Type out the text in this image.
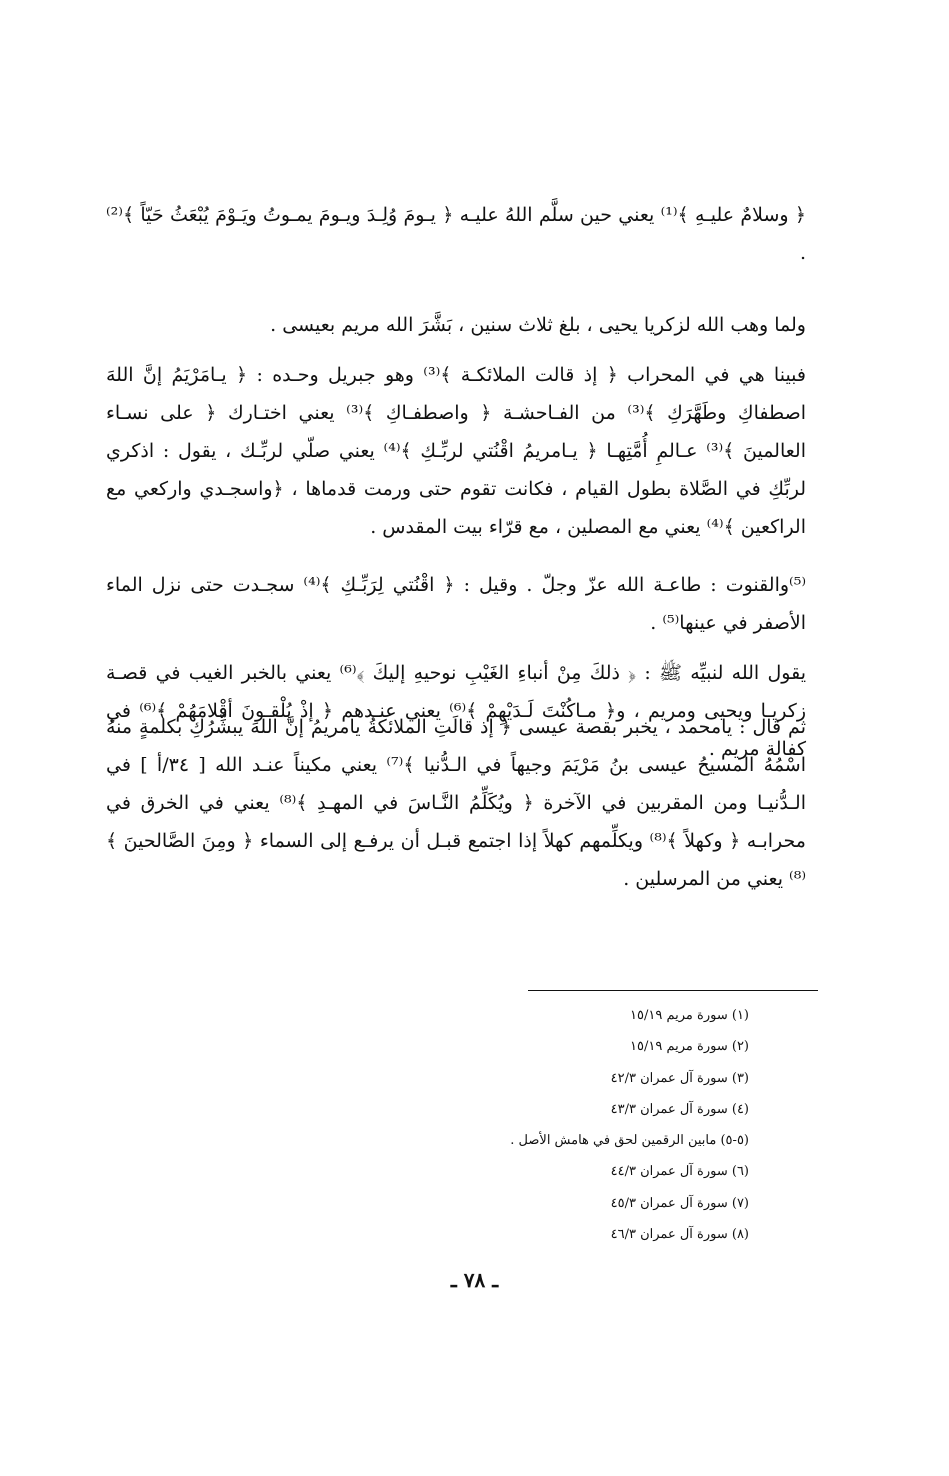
﴿ وسلامٌ عليـهِ ﴾⁽¹⁾ يعني حين سلَّم اللهُ عليـه ﴿ يـومَ وُلِـدَ ويـومَ يمـوتُ ويَـوْمَ يُبْعَثُ حَيّاً ﴾⁽²⁾ .

ولما وهب الله لزكريا يحيى ، بلغ ثلاث سنين ، بَشَّرَ الله مريم بعيسى .

فبينا هي في المحراب ﴿ إذ قالت الملائكـة ﴾⁽³⁾ وهو جبريل وحـده : ﴿ يـامَرْيَمُ إنَّ اللهَ اصطفاكِ وطَهَّرَكِ ﴾⁽³⁾ من الفـاحشـة ﴿ واصطفـاكِ ﴾⁽³⁾ يعني اختـارك ﴿ على نسـاء العالمينَ ﴾⁽³⁾ عـالمِ أُمَّتِهـا ﴿ يـامريمُ اقْنُتي لربِّـكِ ﴾⁽⁴⁾ يعني صلّي لربِّـك ، يقول : اذكري لربِّكِ في الصَّلاة بطول القيام ، فكانت تقوم حتى ورمت قدماها ، ﴿واسجـدي واركعي مع الراكعين ﴾⁽⁴⁾ يعني مع المصلين ، مع قرّاء بيت المقدس .

⁽⁵⁾والقنوت : طاعـة الله عزّ وجلّ . وقيل : ﴿ اقْنُتي لِرَبِّـكِ ﴾⁽⁴⁾ سجـدت حتى نزل الماء الأصفر في عينها⁽⁵⁾ .

يقول الله لنبيِّه ﷺ : ﴿ ذلكَ مِنْ أنباءِ الغَيْبِ نوحيهِ إليكَ ﴾⁽⁶⁾ يعني بالخبر الغيب في قصـة زكريـا ويحيى ومريم ، و﴿ مـاكُنْتَ لَـدَيْهِمْ ﴾⁽⁶⁾ يعني عنـدهم ﴿ إذْ يُلْقـونَ أقْلامَهُمْ ﴾⁽⁶⁾ في كفالة مريم .

ثم قال : يامحمد ، يخبر بقصة عيسى ﴿ إذ قالَتِ الملائكةُ يامريمُ إنَّ اللهَ يبشِّرُكِ بكلمةٍ منهُ اسْمُهُ المسيحُ عيسى بنُ مَرْيَمَ وجيهاً في الـدُّنيا ﴾⁽⁷⁾ يعني مكيناً عنـد الله [ ٣٤/أ ] في الـدُّنيـا ومن المقربين في الآخرة ﴿ ويُكَلِّمُ النَّـاسَ في المهـدِ ﴾⁽⁸⁾ يعني في الخرق في محرابـه ﴿ وكهلاً ﴾⁽⁸⁾ ويكلِّمهم كهلاً إذا اجتمع قبـل أن يرفـع إلى السماء ﴿ ومِنَ الصَّالحينَ ﴾⁽⁸⁾ يعني من المرسلين .

(١) سورة مريم ١٥/١٩
(٢) سورة مريم ١٥/١٩
(٣) سورة آل عمران ٤٢/٣
(٤) سورة آل عمران ٤٣/٣
(٥-٥) مابين الرقمين لحق في هامش الأصل .
(٦) سورة آل عمران ٤٤/٣
(٧) سورة آل عمران ٤٥/٣
(٨) سورة آل عمران ٤٦/٣
ـ ٧٨ ـ
